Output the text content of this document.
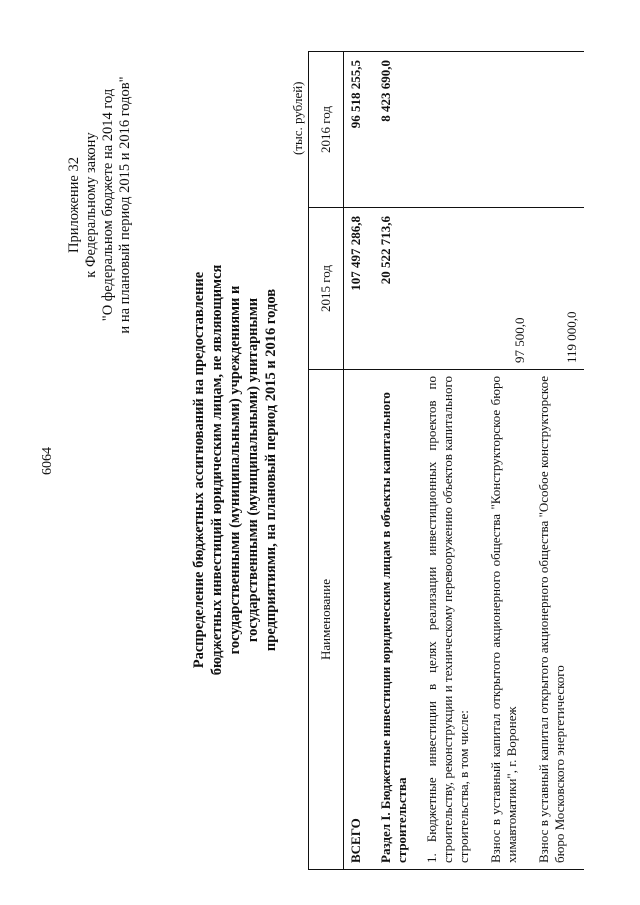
6064
Приложение 32 к Федеральному закону "О федеральном бюджете на 2014 год и на плановый период 2015 и 2016 годов"
Распределение бюджетных ассигнований на предоставление бюджетных инвестиций юридическим лицам, не являющимся государственными (муниципальными) учреждениями и государственными (муниципальными) унитарными предприятиями, на плановый период 2015 и 2016 годов
(тыс. рублей)
Наименование	2015 год	2016 год
ВСЕГО	107 497 286,8	96 518 255,5
Раздел I. Бюджетные инвестиции юридическим лицам в объекты капитального строительства	20 522 713,6	8 423 690,0
1. Бюджетные инвестиции в целях реализации инвестиционных проектов по строительству, реконструкции и техническому перевооружению объектов капитального строительства, в том числе:		
Взнос в уставный капитал открытого акционерного общества "Конструкторское бюро химавтоматики", г. Воронеж	97 500,0	
Взнос в уставный капитал открытого акционерного общества "Особое конструкторское бюро Московского энергетического	119 000,0	
